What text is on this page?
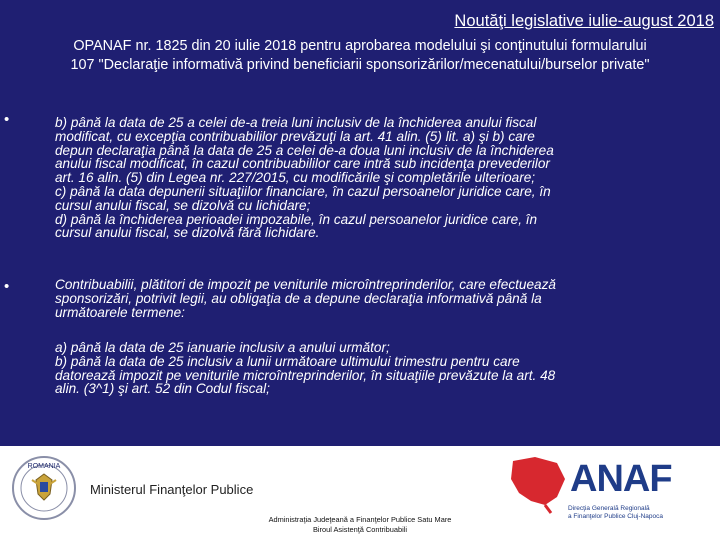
Noutăţi legislative iulie-august 2018
OPANAF nr. 1825 din 20 iulie 2018 pentru aprobarea modelului şi conţinutului formularului
107 "Declaraţie informativă privind beneficiarii sponsorizărilor/mecenatului/burselor private"
•	b) până la data de 25 a celei de-a treia luni inclusiv de la închiderea anului fiscal
modificat, cu excepţia contribuabililor prevăzuţi la art. 41 alin. (5) lit. a) şi b) care
depun declaraţia până la data de 25 a celei de-a doua luni inclusiv de la închiderea
anului fiscal modificat, în cazul contribuabililor care intră sub incidenţa prevederilor
art. 16 alin. (5) din Legea nr. 227/2015, cu modificările şi completările ulterioare;
c) până la data depunerii situaţiilor financiare, în cazul persoanelor juridice care, în
cursul anului fiscal, se dizolvă cu lichidare;
d) până la închiderea perioadei impozabile, în cazul persoanelor juridice care, în
cursul anului fiscal, se dizolvă fără lichidare.
•	Contribuabilii, plătitori de impozit pe veniturile microîntreprinderilor, care efectuează
sponsorizări, potrivit legii, au obligaţia de a depune declaraţia informativă până la
următoarele termene:
a) până la data de 25 ianuarie inclusiv a anului următor;
b) până la data de 25 inclusiv a lunii următoare ultimului trimestru pentru care
datorează impozit pe veniturile microîntreprinderilor, în situaţiile prevăzute la art. 48
alin. (3^1) şi art. 52 din Codul fiscal;
ROMANIA
Ministerul Finanţelor Publice	ANAF
Direcţia Generală Regională
a Finanţelor Publice Cluj-Napoca
Administraţia Judeţeană a Finanţelor Publice Satu Mare
Biroul Asistenţă Contribuabili
